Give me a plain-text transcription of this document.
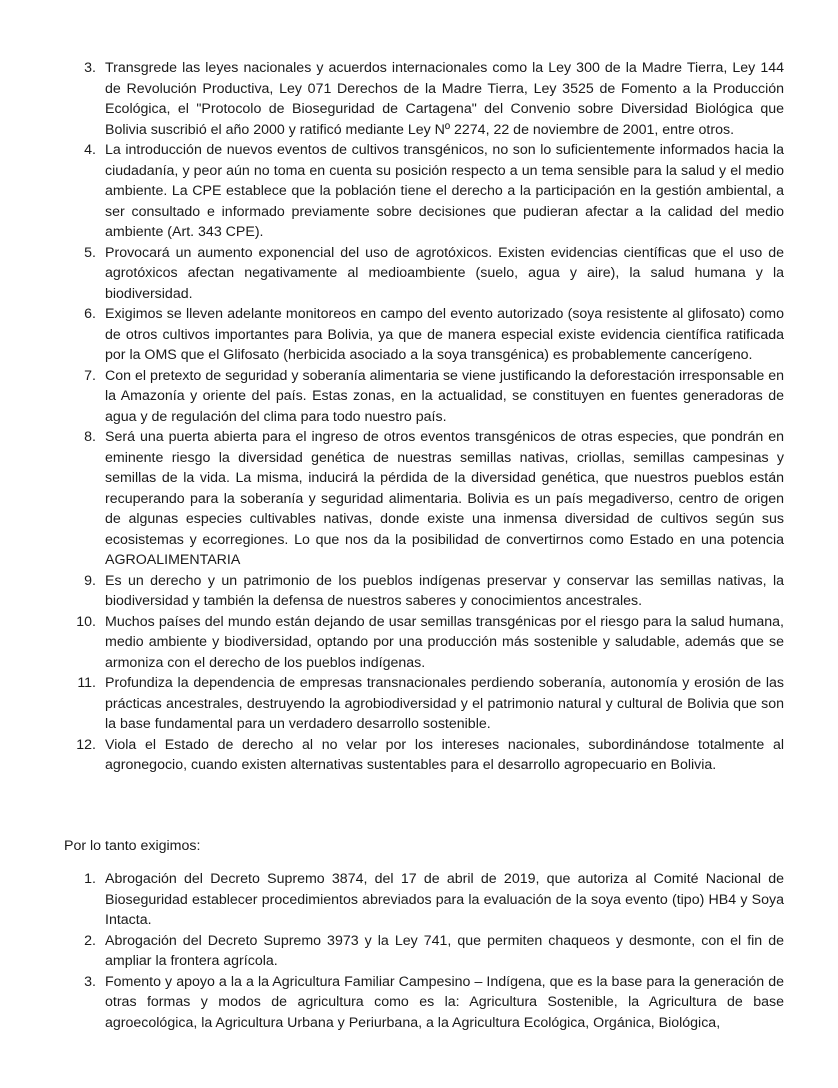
3. Transgrede las leyes nacionales y acuerdos internacionales como la Ley 300 de la Madre Tierra, Ley 144 de Revolución Productiva, Ley 071 Derechos de la Madre Tierra, Ley 3525 de Fomento a la Producción Ecológica, el "Protocolo de Bioseguridad de Cartagena" del Convenio sobre Diversidad Biológica que Bolivia suscribió el año 2000 y ratificó mediante Ley Nº 2274, 22 de noviembre de 2001, entre otros.
4. La introducción de nuevos eventos de cultivos transgénicos, no son lo suficientemente informados hacia la ciudadanía, y peor aún no toma en cuenta su posición respecto a un tema sensible para la salud y el medio ambiente. La CPE establece que la población tiene el derecho a la participación en la gestión ambiental, a ser consultado e informado previamente sobre decisiones que pudieran afectar a la calidad del medio ambiente (Art. 343 CPE).
5. Provocará un aumento exponencial del uso de agrotóxicos. Existen evidencias científicas que el uso de agrotóxicos afectan negativamente al medioambiente (suelo, agua y aire), la salud humana y la biodiversidad.
6. Exigimos se lleven adelante monitoreos en campo del evento autorizado (soya resistente al glifosato) como de otros cultivos importantes para Bolivia, ya que de manera especial existe evidencia científica ratificada por la OMS que el Glifosato (herbicida asociado a la soya transgénica) es probablemente cancerígeno.
7. Con el pretexto de seguridad y soberanía alimentaria se viene justificando la deforestación irresponsable en la Amazonía y oriente del país. Estas zonas, en la actualidad, se constituyen en fuentes generadoras de agua y de regulación del clima para todo nuestro país.
8. Será una puerta abierta para el ingreso de otros eventos transgénicos de otras especies, que pondrán en eminente riesgo la diversidad genética de nuestras semillas nativas, criollas, semillas campesinas y semillas de la vida. La misma, inducirá la pérdida de la diversidad genética, que nuestros pueblos están recuperando para la soberanía y seguridad alimentaria. Bolivia es un país megadiverso, centro de origen de algunas especies cultivables nativas, donde existe una inmensa diversidad de cultivos según sus ecosistemas y ecorregiones. Lo que nos da la posibilidad de convertirnos como Estado en una potencia AGROALIMENTARIA
9. Es un derecho y un patrimonio de los pueblos indígenas preservar y conservar las semillas nativas, la biodiversidad y también la defensa de nuestros saberes y conocimientos ancestrales.
10. Muchos países del mundo están dejando de usar semillas transgénicas por el riesgo para la salud humana, medio ambiente y biodiversidad, optando por una producción más sostenible y saludable, además que se armoniza con el derecho de los pueblos indígenas.
11. Profundiza la dependencia de empresas transnacionales perdiendo soberanía, autonomía y erosión de las prácticas ancestrales, destruyendo la agrobiodiversidad y el patrimonio natural y cultural de Bolivia que son la base fundamental para un verdadero desarrollo sostenible.
12. Viola el Estado de derecho al no velar por los intereses nacionales, subordinándose totalmente al agronegocio, cuando existen alternativas sustentables para el desarrollo agropecuario en Bolivia.

Por lo tanto exigimos:

1. Abrogación del Decreto Supremo 3874, del 17 de abril de 2019, que autoriza al Comité Nacional de Bioseguridad establecer procedimientos abreviados para la evaluación de la soya evento (tipo) HB4 y Soya Intacta.
2. Abrogación del Decreto Supremo 3973 y la Ley 741, que permiten chaqueos y desmonte, con el fin de ampliar la frontera agrícola.
3. Fomento y apoyo a la a la Agricultura Familiar Campesino – Indígena, que es la base para la generación de otras formas y modos de agricultura como es la: Agricultura Sostenible, la Agricultura de base agroecológica, la Agricultura Urbana y Periurbana, a la Agricultura Ecológica, Orgánica, Biológica,
